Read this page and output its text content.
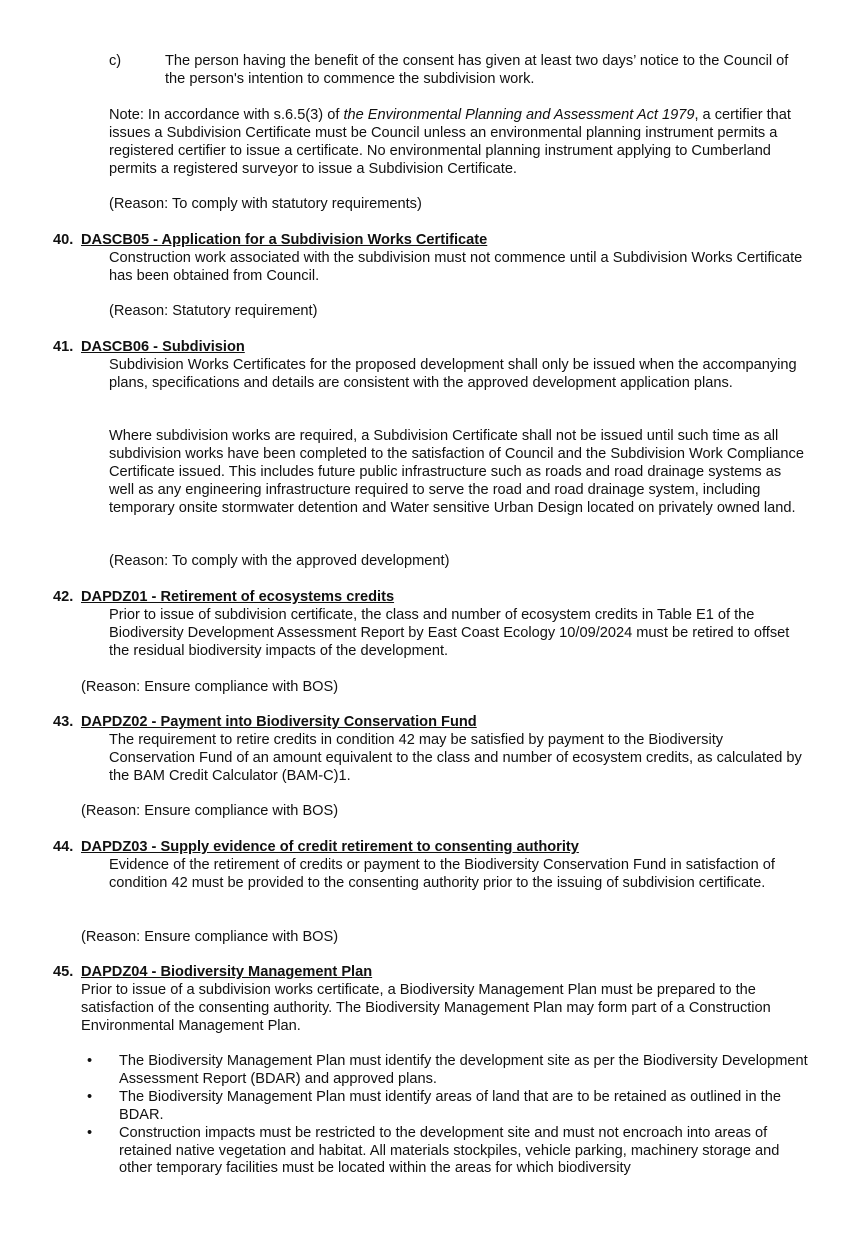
c)	The person having the benefit of the consent has given at least two days’ notice to the Council of the person's intention to commence the subdivision work.

Note: In accordance with s.6.5(3) of the Environmental Planning and Assessment Act 1979, a certifier that issues a Subdivision Certificate must be Council unless an environmental planning instrument permits a registered certifier to issue a certificate. No environmental planning instrument applying to Cumberland permits a registered surveyor to issue a Subdivision Certificate.

(Reason: To comply with statutory requirements)

40. DASCB05 - Application for a Subdivision Works Certificate

Construction work associated with the subdivision must not commence until a Subdivision Works Certificate has been obtained from Council.

(Reason: Statutory requirement)

41. DASCB06 - Subdivision

Subdivision Works Certificates for the proposed development shall only be issued when the accompanying plans, specifications and details are consistent with the approved development application plans.

Where subdivision works are required, a Subdivision Certificate shall not be issued until such time as all subdivision works have been completed to the satisfaction of Council and the Subdivision Work Compliance Certificate issued. This includes future public infrastructure such as roads and road drainage systems as well as any engineering infrastructure required to serve the road and road drainage system, including temporary onsite stormwater detention and Water sensitive Urban Design located on privately owned land.

(Reason: To comply with the approved development)

42. DAPDZ01 - Retirement of ecosystems credits

Prior to issue of subdivision certificate, the class and number of ecosystem credits in Table E1 of the Biodiversity Development Assessment Report by East Coast Ecology 10/09/2024 must be retired to offset the residual biodiversity impacts of the development.

(Reason: Ensure compliance with BOS)

43. DAPDZ02 - Payment into Biodiversity Conservation Fund

The requirement to retire credits in condition 42 may be satisfied by payment to the Biodiversity Conservation Fund of an amount equivalent to the class and number of ecosystem credits, as calculated by the BAM Credit Calculator (BAM-C)1.

(Reason: Ensure compliance with BOS)

44. DAPDZ03 - Supply evidence of credit retirement to consenting authority

Evidence of the retirement of credits or payment to the Biodiversity Conservation Fund in satisfaction of condition 42 must be provided to the consenting authority prior to the issuing of subdivision certificate.

(Reason: Ensure compliance with BOS)

45. DAPDZ04 - Biodiversity Management Plan

Prior to issue of a subdivision works certificate, a Biodiversity Management Plan must be prepared to the satisfaction of the consenting authority. The Biodiversity Management Plan may form part of a Construction Environmental Management Plan.

• The Biodiversity Management Plan must identify the development site as per the Biodiversity Development Assessment Report (BDAR) and approved plans.
• The Biodiversity Management Plan must identify areas of land that are to be retained as outlined in the BDAR.
• Construction impacts must be restricted to the development site and must not encroach into areas of retained native vegetation and habitat. All materials stockpiles, vehicle parking, machinery storage and other temporary facilities must be located within the areas for which biodiversity
